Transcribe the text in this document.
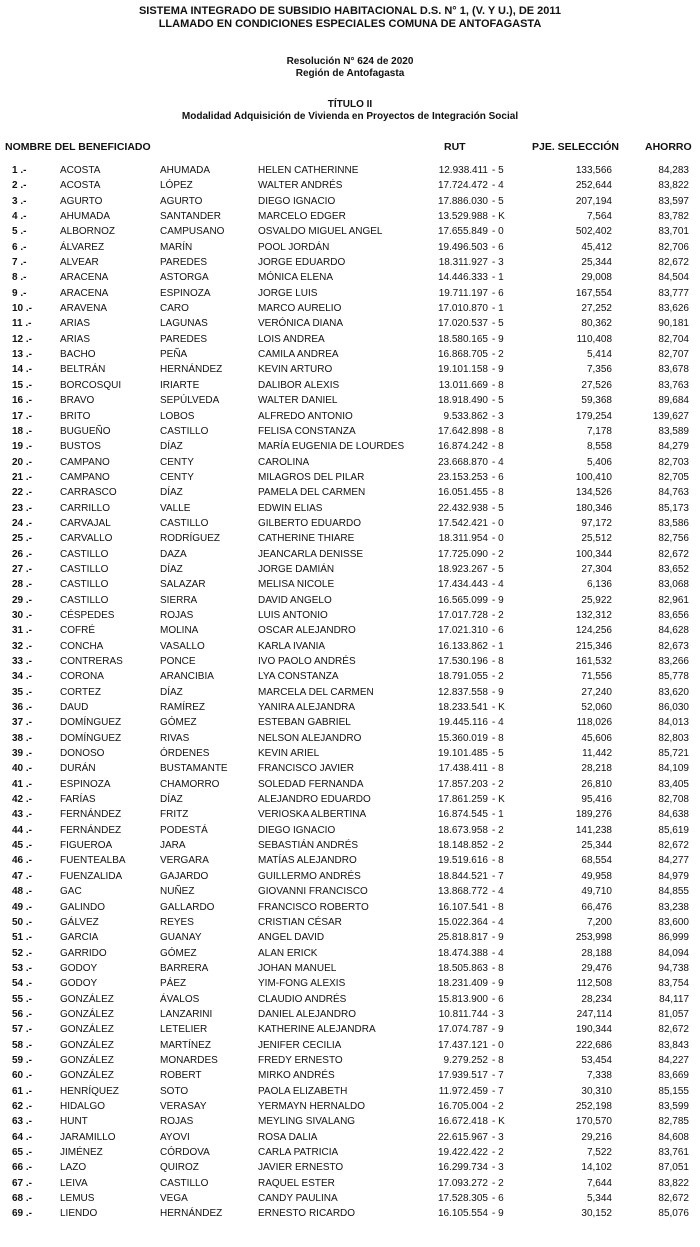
SISTEMA INTEGRADO DE SUBSIDIO HABITACIONAL D.S. N° 1, (V. Y U.), DE 2011
LLAMADO EN CONDICIONES ESPECIALES COMUNA DE ANTOFAGASTA
Resolución N° 624 de 2020
Región de Antofagasta
TÍTULO II
Modalidad Adquisición de Vivienda en Proyectos de Integración Social
NOMBRE DEL BENEFICIADO	RUT	PJE. SELECCIÓN AHORRO
1 .-	ACOSTA	AHUMADA	HELEN CATHERINNE	12.938.411 - 5	133,566	84,283
2 .-	ACOSTA	LÓPEZ	WALTER ANDRÉS	17.724.472 - 4	252,644	83,822
3 .-	AGURTO	AGURTO	DIEGO IGNACIO	17.886.030 - 5	207,194	83,597
4 .-	AHUMADA	SANTANDER	MARCELO EDGER	13.529.988 - K	7,564	83,782
5 .-	ALBORNOZ	CAMPUSANO	OSVALDO MIGUEL ANGEL	17.655.849 - 0	502,402	83,701
6 .-	ÁLVAREZ	MARÍN	POOL JORDÁN	19.496.503 - 6	45,412	82,706
7 .-	ALVEAR	PAREDES	JORGE EDUARDO	18.311.927 - 3	25,344	82,672
8 .-	ARACENA	ASTORGA	MÓNICA ELENA	14.446.333 - 1	29,008	84,504
9 .-	ARACENA	ESPINOZA	JORGE LUIS	19.711.197 - 6	167,554	83,777
10 .-	ARAVENA	CARO	MARCO AURELIO	17.010.870 - 1	27,252	83,626
11 .-	ARIAS	LAGUNAS	VERÓNICA DIANA	17.020.537 - 5	80,362	90,181
12 .-	ARIAS	PAREDES	LOIS ANDREA	18.580.165 - 9	110,408	82,704
13 .-	BACHO	PEÑA	CAMILA ANDREA	16.868.705 - 2	5,414	82,707
14 .-	BELTRÁN	HERNÁNDEZ	KEVIN ARTURO	19.101.158 - 9	7,356	83,678
15 .-	BORCOSQUI	IRIARTE	DALIBOR ALEXIS	13.011.669 - 8	27,526	83,763
16 .-	BRAVO	SEPÚLVEDA	WALTER DANIEL	18.918.490 - 5	59,368	89,684
17 .-	BRITO	LOBOS	ALFREDO ANTONIO	9.533.862 - 3	179,254	139,627
18 .-	BUGUEÑO	CASTILLO	FELISA CONSTANZA	17.642.898 - 8	7,178	83,589
19 .-	BUSTOS	DÍAZ	MARÍA EUGENIA DE LOURDES	16.874.242 - 8	8,558	84,279
20 .-	CAMPANO	CENTY	CAROLINA	23.668.870 - 4	5,406	82,703
21 .-	CAMPANO	CENTY	MILAGROS DEL PILAR	23.153.253 - 6	100,410	82,705
22 .-	CARRASCO	DÍAZ	PAMELA DEL CARMEN	16.051.455 - 8	134,526	84,763
23 .-	CARRILLO	VALLE	EDWIN ELIAS	22.432.938 - 5	180,346	85,173
24 .-	CARVAJAL	CASTILLO	GILBERTO EDUARDO	17.542.421 - 0	97,172	83,586
25 .-	CARVALLO	RODRÍGUEZ	CATHERINE THIARE	18.311.954 - 0	25,512	82,756
26 .-	CASTILLO	DAZA	JEANCARLA DENISSE	17.725.090 - 2	100,344	82,672
27 .-	CASTILLO	DÍAZ	JORGE DAMIÁN	18.923.267 - 5	27,304	83,652
28 .-	CASTILLO	SALAZAR	MELISA NICOLE	17.434.443 - 4	6,136	83,068
29 .-	CASTILLO	SIERRA	DAVID ANGELO	16.565.099 - 9	25,922	82,961
30 .-	CÉSPEDES	ROJAS	LUIS ANTONIO	17.017.728 - 2	132,312	83,656
31 .-	COFRÉ	MOLINA	OSCAR ALEJANDRO	17.021.310 - 6	124,256	84,628
32 .-	CONCHA	VASALLO	KARLA IVANIA	16.133.862 - 1	215,346	82,673
33 .-	CONTRERAS	PONCE	IVO PAOLO ANDRÉS	17.530.196 - 8	161,532	83,266
34 .-	CORONA	ARANCIBIA	LYA CONSTANZA	18.791.055 - 2	71,556	85,778
35 .-	CORTEZ	DÍAZ	MARCELA DEL CARMEN	12.837.558 - 9	27,240	83,620
36 .-	DAUD	RAMÍREZ	YANIRA ALEJANDRA	18.233.541 - K	52,060	86,030
37 .-	DOMÍNGUEZ	GÓMEZ	ESTEBAN GABRIEL	19.445.116 - 4	118,026	84,013
38 .-	DOMÍNGUEZ	RIVAS	NELSON ALEJANDRO	15.360.019 - 8	45,606	82,803
39 .-	DONOSO	ÓRDENES	KEVIN ARIEL	19.101.485 - 5	11,442	85,721
40 .-	DURÁN	BUSTAMANTE	FRANCISCO JAVIER	17.438.411 - 8	28,218	84,109
41 .-	ESPINOZA	CHAMORRO	SOLEDAD FERNANDA	17.857.203 - 2	26,810	83,405
42 .-	FARÍAS	DÍAZ	ALEJANDRO EDUARDO	17.861.259 - K	95,416	82,708
43 .-	FERNÁNDEZ	FRITZ	VERIOSKA ALBERTINA	16.874.545 - 1	189,276	84,638
44 .-	FERNÁNDEZ	PODESTÁ	DIEGO IGNACIO	18.673.958 - 2	141,238	85,619
45 .-	FIGUEROA	JARA	SEBASTIÁN ANDRÉS	18.148.852 - 2	25,344	82,672
46 .-	FUENTEALBA	VERGARA	MATÍAS ALEJANDRO	19.519.616 - 8	68,554	84,277
47 .-	FUENZALIDA	GAJARDO	GUILLERMO ANDRÉS	18.844.521 - 7	49,958	84,979
48 .-	GAC	NUÑEZ	GIOVANNI FRANCISCO	13.868.772 - 4	49,710	84,855
49 .-	GALINDO	GALLARDO	FRANCISCO ROBERTO	16.107.541 - 8	66,476	83,238
50 .-	GÁLVEZ	REYES	CRISTIAN CÉSAR	15.022.364 - 4	7,200	83,600
51 .-	GARCIA	GUANAY	ANGEL DAVID	25.818.817 - 9	253,998	86,999
52 .-	GARRIDO	GÓMEZ	ALAN ERICK	18.474.388 - 4	28,188	84,094
53 .-	GODOY	BARRERA	JOHAN MANUEL	18.505.863 - 8	29,476	94,738
54 .-	GODOY	PÁEZ	YIM-FONG ALEXIS	18.231.409 - 9	112,508	83,754
55 .-	GONZÁLEZ	ÁVALOS	CLAUDIO ANDRÉS	15.813.900 - 6	28,234	84,117
56 .-	GONZÁLEZ	LANZARINI	DANIEL ALEJANDRO	10.811.744 - 3	247,114	81,057
57 .-	GONZÁLEZ	LETELIER	KATHERINE ALEJANDRA	17.074.787 - 9	190,344	82,672
58 .-	GONZÁLEZ	MARTÍNEZ	JENIFER CECILIA	17.437.121 - 0	222,686	83,843
59 .-	GONZÁLEZ	MONARDES	FREDY ERNESTO	9.279.252 - 8	53,454	84,227
60 .-	GONZÁLEZ	ROBERT	MIRKO ANDRÉS	17.939.517 - 7	7,338	83,669
61 .-	HENRÍQUEZ	SOTO	PAOLA ELIZABETH	11.972.459 - 7	30,310	85,155
62 .-	HIDALGO	VERASAY	YERMAYN HERNALDO	16.705.004 - 2	252,198	83,599
63 .-	HUNT	ROJAS	MEYLING SIVALANG	16.672.418 - K	170,570	82,785
64 .-	JARAMILLO	AYOVI	ROSA DALIA	22.615.967 - 3	29,216	84,608
65 .-	JIMÉNEZ	CÓRDOVA	CARLA PATRICIA	19.422.422 - 2	7,522	83,761
66 .-	LAZO	QUIROZ	JAVIER ERNESTO	16.299.734 - 3	14,102	87,051
67 .-	LEIVA	CASTILLO	RAQUEL ESTER	17.093.272 - 2	7,644	83,822
68 .-	LEMUS	VEGA	CANDY PAULINA	17.528.305 - 6	5,344	82,672
69 .-	LIENDO	HERNÁNDEZ	ERNESTO RICARDO	16.105.554 - 9	30,152	85,076
